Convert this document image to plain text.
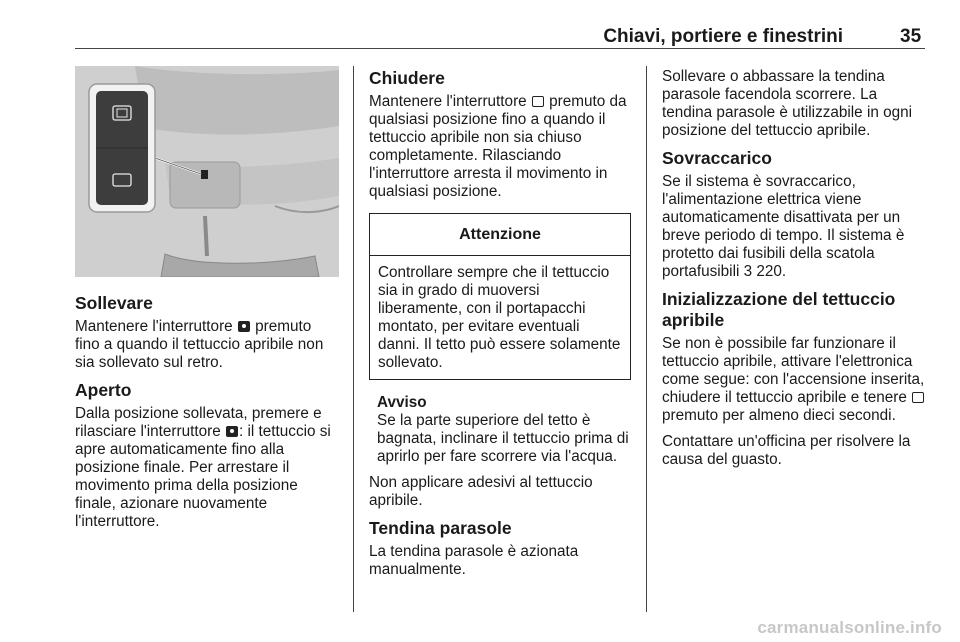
Chiavi, portiere e finestrini	35
Sollevare

Mantenere l'interruttore premuto fino a quando il tettuccio apribile non sia sollevato sul retro.

Aperto

Dalla posizione sollevata, premere e rilasciare l'interruttore : il tettuccio si apre automaticamente fino alla posizione finale. Per arrestare il movimento prima della posizione finale, azionare nuovamente l'interruttore.

Chiudere

Mantenere l'interruttore premuto da qualsiasi posizione fino a quando il tettuccio apribile non sia chiuso completamente. Rilasciando l'interruttore arresta il movimento in qualsiasi posizione.

Attenzione
Controllare sempre che il tettuccio sia in grado di muoversi liberamente, con il portapacchi montato, per evitare eventuali danni. Il tetto può essere solamente sollevato.
Avviso

Se la parte superiore del tetto è bagnata, inclinare il tettuccio prima di aprirlo per fare scorrere via l'acqua.

Non applicare adesivi al tettuccio apribile.

Tendina parasole

La tendina parasole è azionata manualmente.

Sollevare o abbassare la tendina parasole facendola scorrere. La tendina parasole è utilizzabile in ogni posizione del tettuccio apribile.

Sovraccarico

Se il sistema è sovraccarico, l'alimentazione elettrica viene automaticamente disattivata per un breve periodo di tempo. Il sistema è protetto dai fusibili della scatola portafusibili 3 220.

Inizializzazione del tettuccio apribile

Se non è possibile far funzionare il tettuccio apribile, attivare l'elettronica come segue: con l'accensione inserita, chiudere il tettuccio apribile e tenere  premuto per almeno dieci secondi.

Contattare un'officina per risolvere la causa del guasto.

carmanualsonline.info
